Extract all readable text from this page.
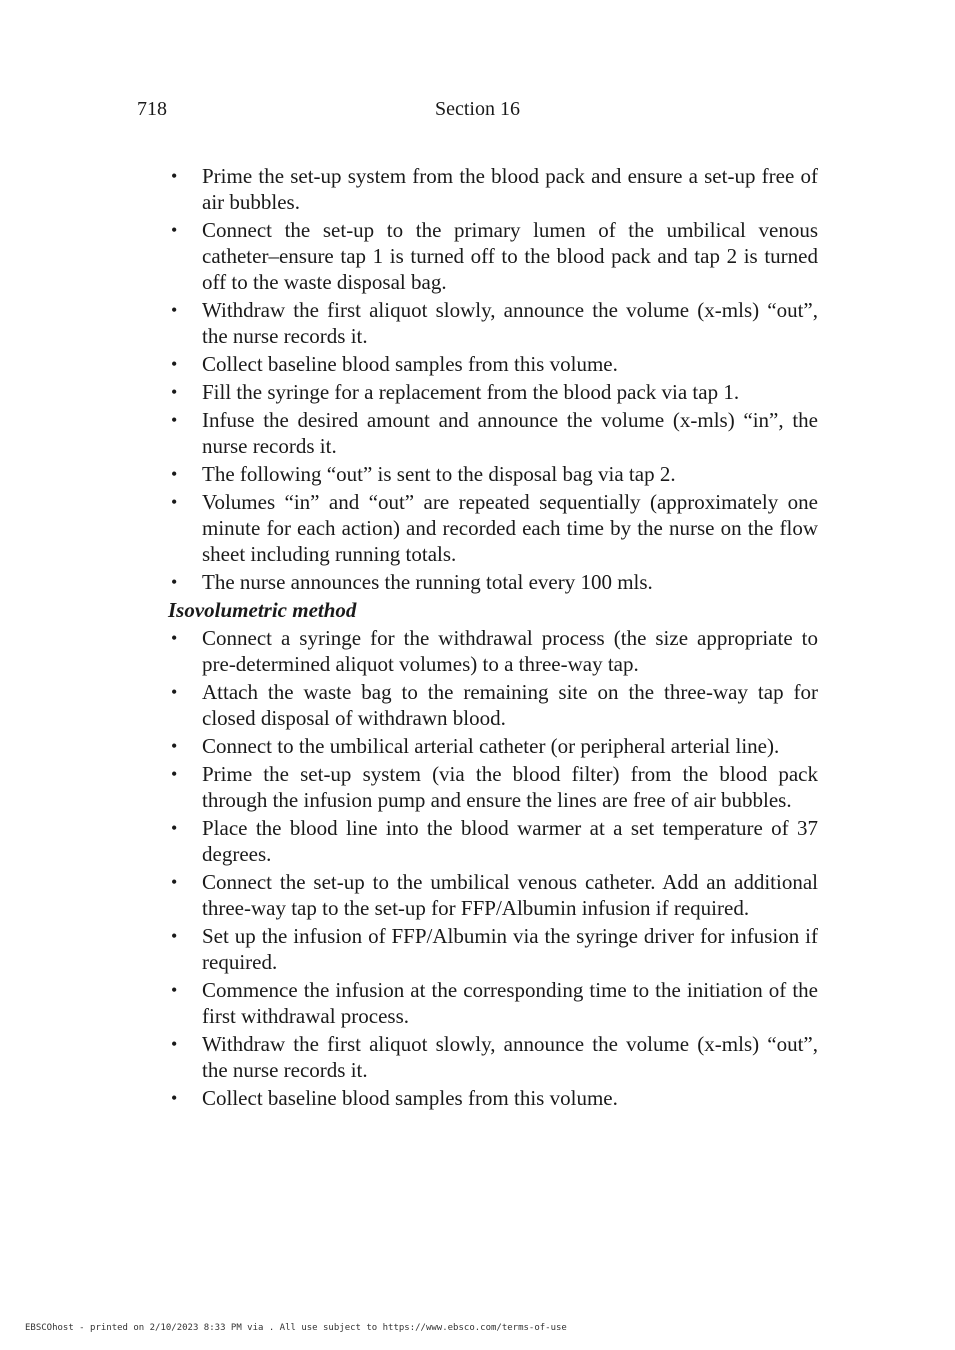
718	Section 16
• Prime the set-up system from the blood pack and ensure a set-up free of air bubbles.
• Connect the set-up to the primary lumen of the umbilical venous catheter–ensure tap 1 is turned off to the blood pack and tap 2 is turned off to the waste disposal bag.
• Withdraw the first aliquot slowly, announce the volume (x-mls) “out”, the nurse records it.
• Collect baseline blood samples from this volume.
• Fill the syringe for a replacement from the blood pack via tap 1.
• Infuse the desired amount and announce the volume (x-mls) “in”, the nurse records it.
• The following “out” is sent to the disposal bag via tap 2.
• Volumes “in” and “out” are repeated sequentially (approximately one minute for each action) and recorded each time by the nurse on the flow sheet including running totals.
• The nurse announces the running total every 100 mls.
Isovolumetric method
• Connect a syringe for the withdrawal process (the size appropriate to pre-determined aliquot volumes) to a three-way tap.
• Attach the waste bag to the remaining site on the three-way tap for closed disposal of withdrawn blood.
• Connect to the umbilical arterial catheter (or peripheral arterial line).
• Prime the set-up system (via the blood filter) from the blood pack through the infusion pump and ensure the lines are free of air bubbles.
• Place the blood line into the blood warmer at a set temperature of 37 degrees.
• Connect the set-up to the umbilical venous catheter. Add an additional three-way tap to the set-up for FFP/Albumin infusion if required.
• Set up the infusion of FFP/Albumin via the syringe driver for infusion if required.
• Commence the infusion at the corresponding time to the initiation of the first withdrawal process.
• Withdraw the first aliquot slowly, announce the volume (x-mls) “out”, the nurse records it.
• Collect baseline blood samples from this volume.
EBSCOhost - printed on 2/10/2023 8:33 PM via . All use subject to https://www.ebsco.com/terms-of-use
